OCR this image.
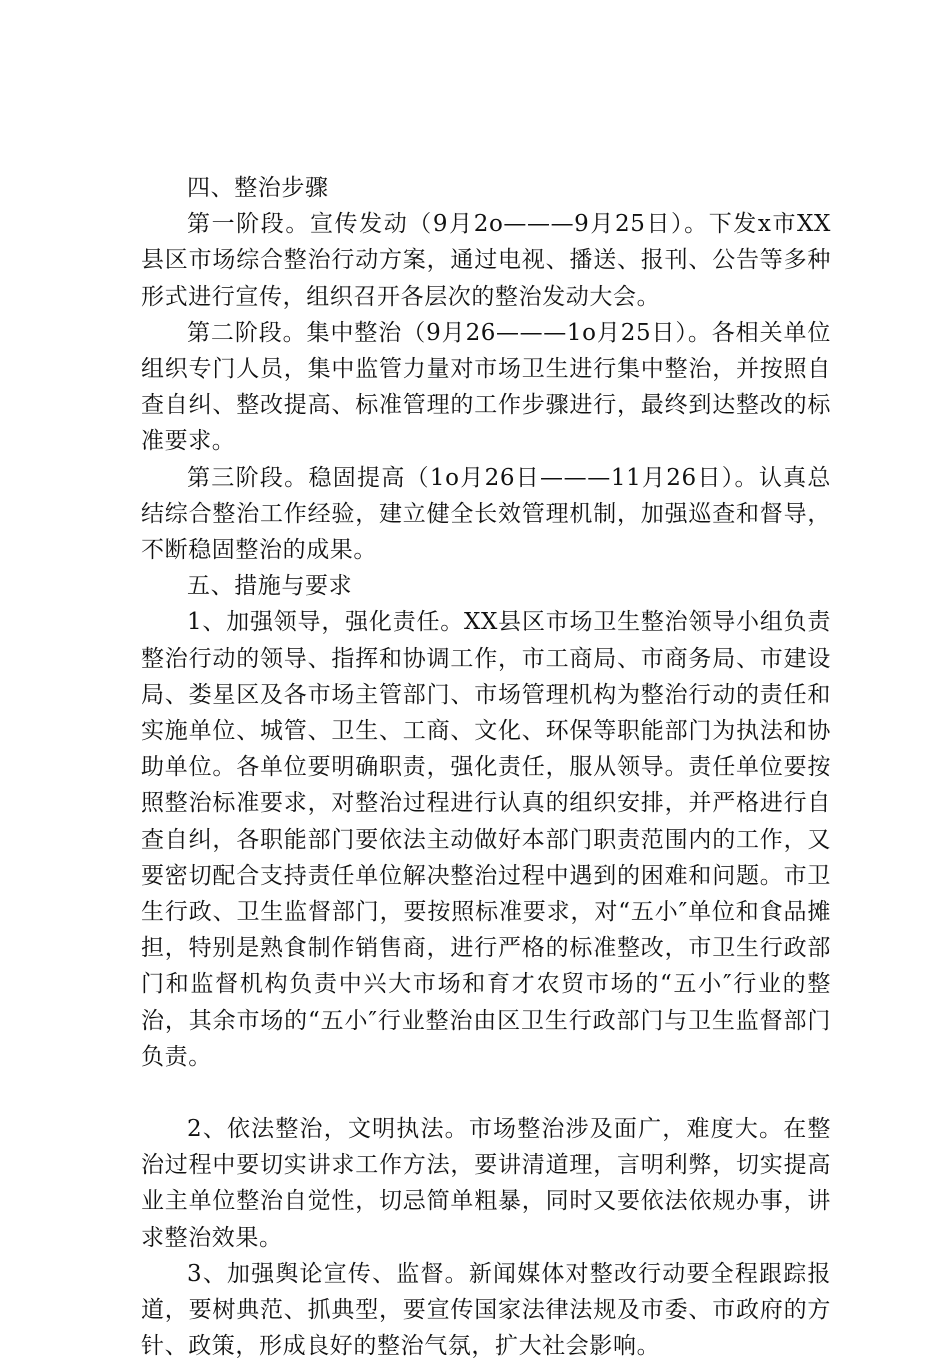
四、整治步骤

第一阶段。宣传发动（9月2o———9月25日）。下发x市XX县区市场综合整治行动方案，通过电视、播送、报刊、公告等多种形式进行宣传，组织召开各层次的整治发动大会。

第二阶段。集中整治（9月26———1o月25日）。各相关单位组织专门人员，集中监管力量对市场卫生进行集中整治，并按照自查自纠、整改提高、标准管理的工作步骤进行，最终到达整改的标准要求。

第三阶段。稳固提高（1o月26日———11月26日）。认真总结综合整治工作经验，建立健全长效管理机制，加强巡查和督导，不断稳固整治的成果。

五、措施与要求

1、加强领导，强化责任。XX县区市场卫生整治领导小组负责整治行动的领导、指挥和协调工作，市工商局、市商务局、市建设局、娄星区及各市场主管部门、市场管理机构为整治行动的责任和实施单位、城管、卫生、工商、文化、环保等职能部门为执法和协助单位。各单位要明确职责，强化责任，服从领导。责任单位要按照整治标准要求，对整治过程进行认真的组织安排，并严格进行自查自纠，各职能部门要依法主动做好本部门职责范围内的工作，又要密切配合支持责任单位解决整治过程中遇到的困难和问题。市卫生行政、卫生监督部门，要按照标准要求，对“五小″单位和食品摊担，特别是熟食制作销售商，进行严格的标准整改，市卫生行政部门和监督机构负责中兴大市场和育才农贸市场的“五小″行业的整治，其余市场的“五小″行业整治由区卫生行政部门与卫生监督部门负责。

2、依法整治，文明执法。市场整治涉及面广，难度大。在整治过程中要切实讲求工作方法，要讲清道理，言明利弊，切实提高业主单位整治自觉性，切忌简单粗暴，同时又要依法依规办事，讲求整治效果。

3、加强舆论宣传、监督。新闻媒体对整改行动要全程跟踪报道，要树典范、抓典型，要宣传国家法律法规及市委、市政府的方针、政策，形成良好的整治气氛，扩大社会影响。
